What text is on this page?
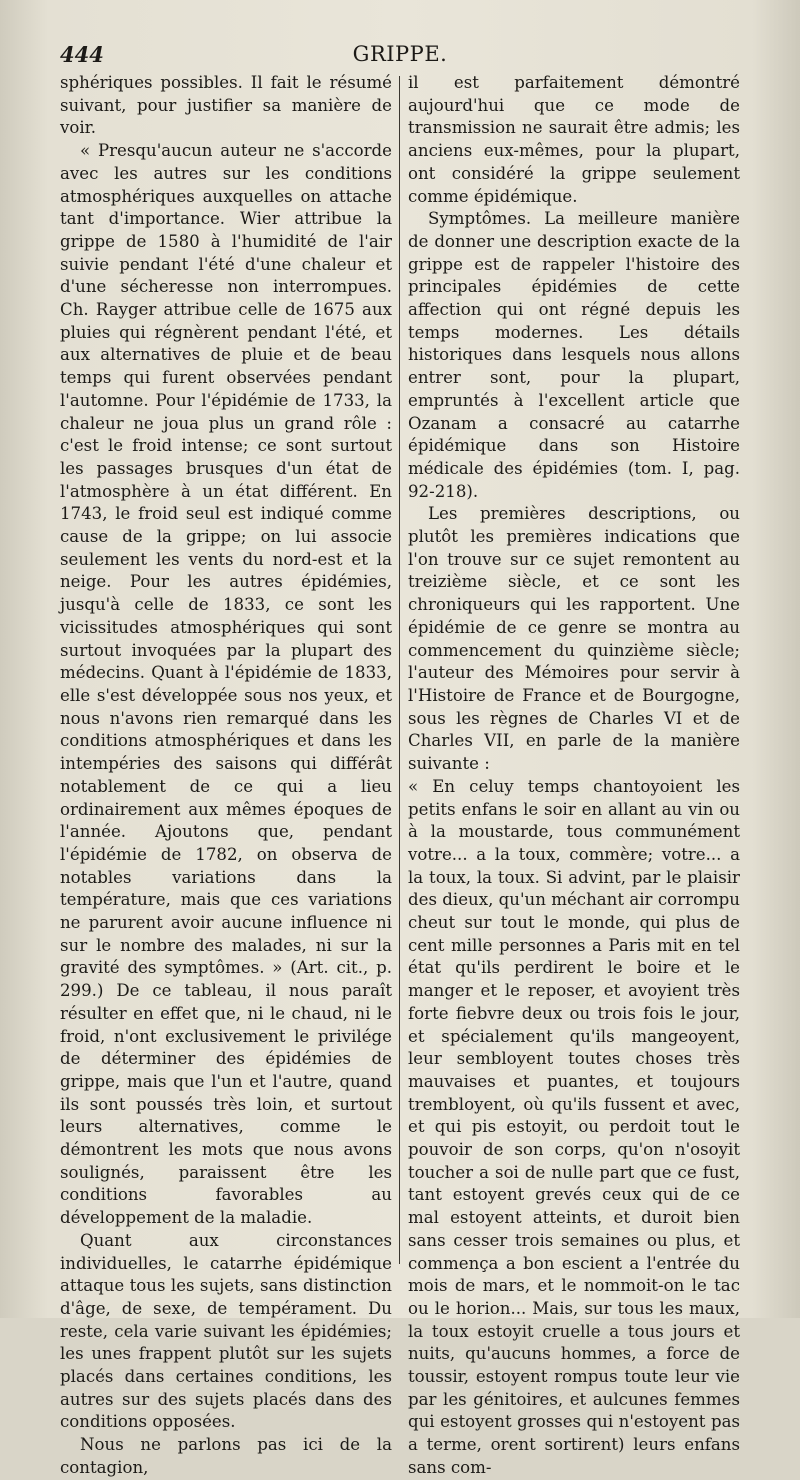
444	GRIPPE.

sphériques possibles. Il fait le résumé suivant, pour justifier sa manière de voir.

« Presqu'aucun auteur ne s'accorde avec les autres sur les conditions atmosphériques auxquelles on attache tant d'importance. Wier attribue la grippe de 1580 à l'humidité de l'air suivie pendant l'été d'une chaleur et d'une sécheresse non interrompues. Ch. Rayger attribue celle de 1675 aux pluies qui régnèrent pendant l'été, et aux alternatives de pluie et de beau temps qui furent observées pendant l'automne. Pour l'épidémie de 1733, la chaleur ne joua plus un grand rôle : c'est le froid intense; ce sont surtout les passages brusques d'un état de l'atmosphère à un état différent. En 1743, le froid seul est indiqué comme cause de la grippe; on lui associe seulement les vents du nord-est et la neige. Pour les autres épidémies, jusqu'à celle de 1833, ce sont les vicissitudes atmosphériques qui sont surtout invoquées par la plupart des médecins. Quant à l'épidémie de 1833, elle s'est développée sous nos yeux, et nous n'avons rien remarqué dans les conditions atmosphériques et dans les intempéries des saisons qui différât notablement de ce qui a lieu ordinairement aux mêmes époques de l'année. Ajoutons que, pendant l'épidémie de 1782, on observa de notables variations dans la température, mais que ces variations ne parurent avoir aucune influence ni sur le nombre des malades, ni sur la gravité des symptômes. » (Art. cit., p. 299.) De ce tableau, il nous paraît résulter en effet que, ni le chaud, ni le froid, n'ont exclusivement le privilége de déterminer des épidémies de grippe, mais que l'un et l'autre, quand ils sont poussés très loin, et surtout leurs alternatives, comme le démontrent les mots que nous avons soulignés, paraissent être les conditions favorables au développement de la maladie.

Quant aux circonstances individuelles, le catarrhe épidémique attaque tous les sujets, sans distinction d'âge, de sexe, de tempérament. Du reste, cela varie suivant les épidémies; les unes frappent plutôt sur les sujets placés dans certaines conditions, les autres sur des sujets placés dans des conditions opposées.

Nous ne parlons pas ici de la contagion,

il est parfaitement démontré aujourd'hui que ce mode de transmission ne saurait être admis; les anciens eux-mêmes, pour la plupart, ont considéré la grippe seulement comme épidémique.

Symptômes. La meilleure manière de donner une description exacte de la grippe est de rappeler l'histoire des principales épidémies de cette affection qui ont régné depuis les temps modernes. Les détails historiques dans lesquels nous allons entrer sont, pour la plupart, empruntés à l'excellent article que Ozanam a consacré au catarrhe épidémique dans son Histoire médicale des épidémies (tom. I, pag. 92-218).

Les premières descriptions, ou plutôt les premières indications que l'on trouve sur ce sujet remontent au treizième siècle, et ce sont les chroniqueurs qui les rapportent. Une épidémie de ce genre se montra au commencement du quinzième siècle; l'auteur des Mémoires pour servir à l'Histoire de France et de Bourgogne, sous les règnes de Charles VI et de Charles VII, en parle de la manière suivante :

« En celuy temps chantoyoient les petits enfans le soir en allant au vin ou à la moustarde, tous communément votre... a la toux, commère; votre... a la toux, la toux. Si advint, par le plaisir des dieux, qu'un méchant air corrompu cheut sur tout le monde, qui plus de cent mille personnes a Paris mit en tel état qu'ils perdirent le boire et le manger et le reposer, et avoyient très forte fiebvre deux ou trois fois le jour, et spécialement qu'ils mangeoyent, leur sembloyent toutes choses très mauvaises et puantes, et toujours trembloyent, où qu'ils fussent et avec, et qui pis estoyit, ou perdoit tout le pouvoir de son corps, qu'on n'osoyit toucher a soi de nulle part que ce fust, tant estoyent grevés ceux qui de ce mal estoyent atteints, et duroit bien sans cesser trois semaines ou plus, et commença a bon escient a l'entrée du mois de mars, et le nommoit-on le tac ou le horion... Mais, sur tous les maux, la toux estoyit cruelle a tous jours et nuits, qu'aucuns hommes, a force de toussir, estoyent rompus toute leur vie par les génitoires, et aulcunes femmes qui estoyent grosses qui n'estoyent pas a terme, orent sortirent) leurs enfans sans com-
